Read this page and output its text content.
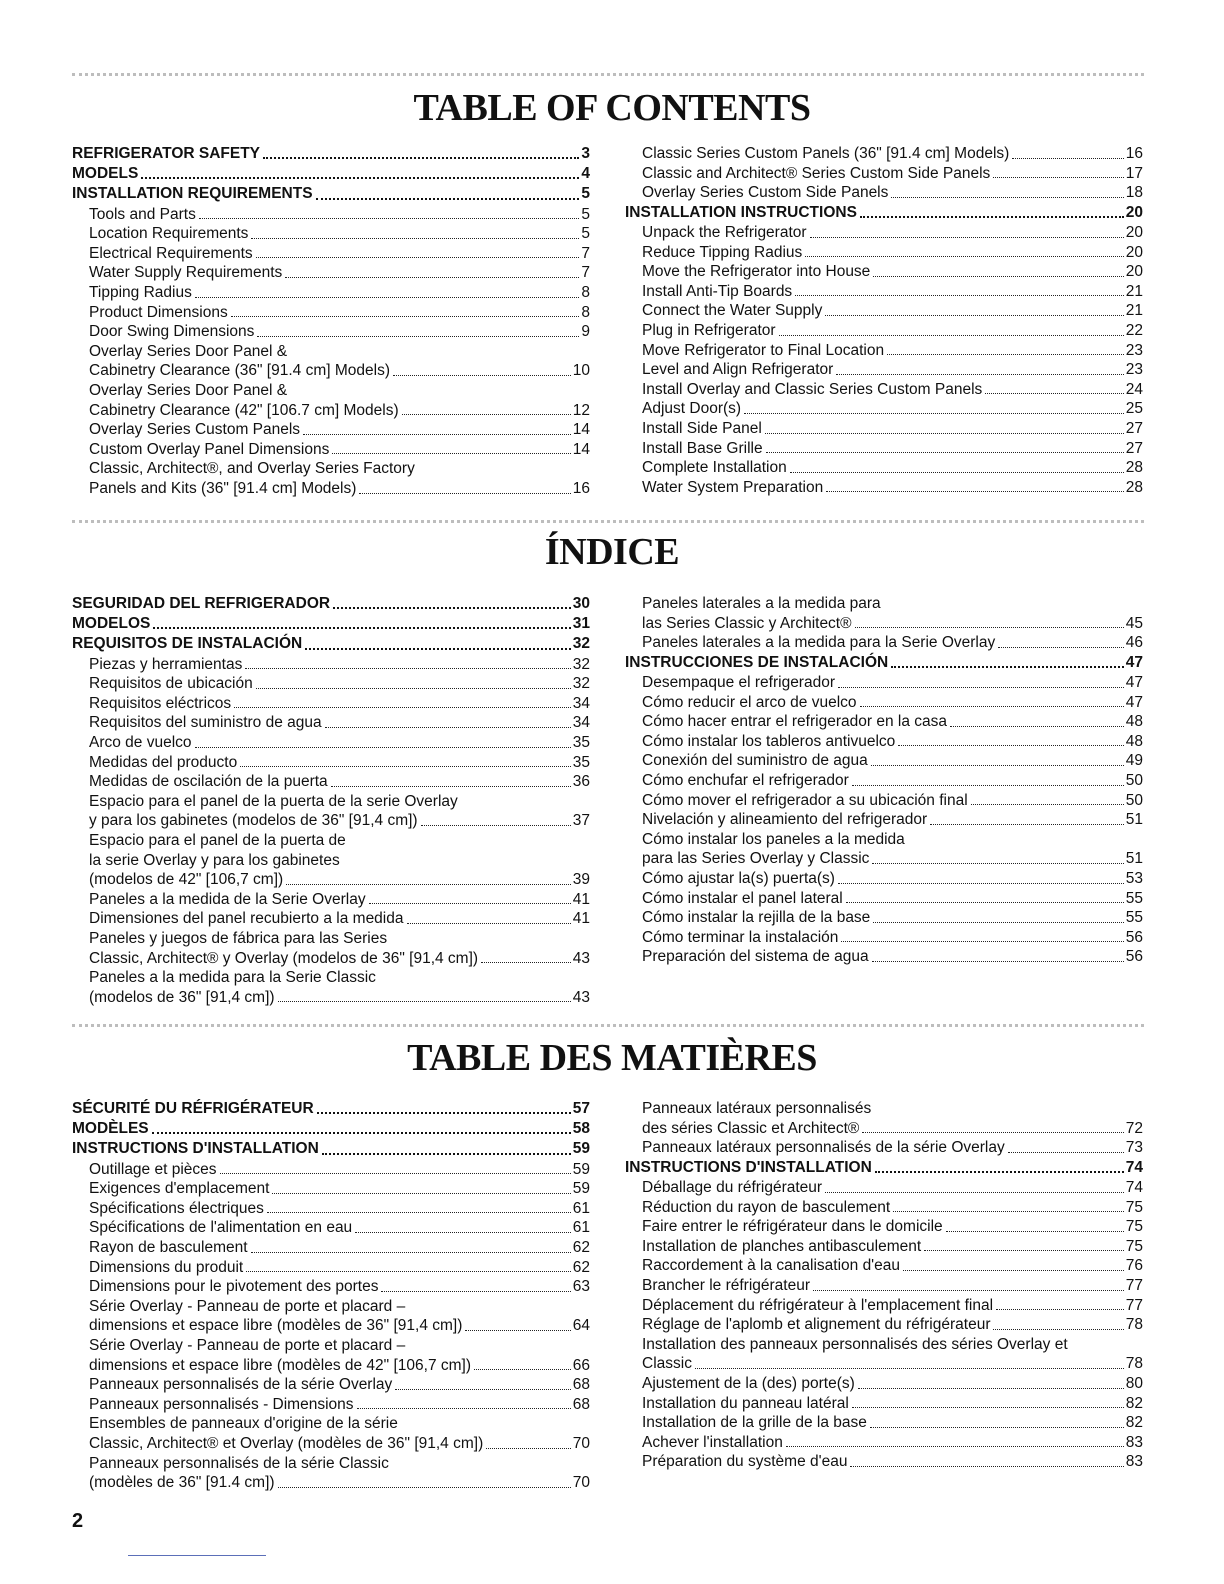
TABLE OF CONTENTS
REFRIGERATOR SAFETY	3
MODELS	4
INSTALLATION REQUIREMENTS	5
Tools and Parts	5
Location Requirements	5
Electrical Requirements	7
Water Supply Requirements	7
Tipping Radius	8
Product Dimensions	8
Door Swing Dimensions	9
Overlay Series Door Panel &
Cabinetry Clearance (36" [91.4 cm] Models)	10
Overlay Series Door Panel &
Cabinetry Clearance (42" [106.7 cm] Models)	12
Overlay Series Custom Panels	14
Custom Overlay Panel Dimensions	14
Classic, Architect®, and Overlay Series Factory
Panels and Kits (36" [91.4 cm] Models)	16
Classic Series Custom Panels (36" [91.4 cm] Models)	16
Classic and Architect® Series Custom Side Panels	17
Overlay Series Custom Side Panels	18
INSTALLATION INSTRUCTIONS	20
Unpack the Refrigerator	20
Reduce Tipping Radius	20
Move the Refrigerator into House	20
Install Anti-Tip Boards	21
Connect the Water Supply	21
Plug in Refrigerator	22
Move Refrigerator to Final Location	23
Level and Align Refrigerator	23
Install Overlay and Classic Series Custom Panels	24
Adjust Door(s)	25
Install Side Panel	27
Install Base Grille	27
Complete Installation	28
Water System Preparation	28
ÍNDICE
SEGURIDAD DEL REFRIGERADOR	30
MODELOS	31
REQUISITOS DE INSTALACIÓN	32
Piezas y herramientas	32
Requisitos de ubicación	32
Requisitos eléctricos	34
Requisitos del suministro de agua	34
Arco de vuelco	35
Medidas del producto	35
Medidas de oscilación de la puerta	36
Espacio para el panel de la puerta de la serie Overlay
y para los gabinetes (modelos de 36" [91,4 cm])	37
Espacio para el panel de la puerta de
la serie Overlay y para los gabinetes
(modelos de 42" [106,7 cm])	39
Paneles a la medida de la Serie Overlay	41
Dimensiones del panel recubierto a la medida	41
Paneles y juegos de fábrica para las Series
Classic, Architect® y Overlay (modelos de 36" [91,4 cm])	43
Paneles a la medida para la Serie Classic
(modelos de 36" [91,4 cm])	43
Paneles laterales a la medida para
las Series Classic y Architect®	45
Paneles laterales a la medida para la Serie Overlay	46
INSTRUCCIONES DE INSTALACIÓN	47
Desempaque el refrigerador	47
Cómo reducir el arco de vuelco	47
Cómo hacer entrar el refrigerador en la casa	48
Cómo instalar los tableros antivuelco	48
Conexión del suministro de agua	49
Cómo enchufar el refrigerador	50
Cómo mover el refrigerador a su ubicación final	50
Nivelación y alineamiento del refrigerador	51
Cómo instalar los paneles a la medida
para las Series Overlay y Classic	51
Cómo ajustar la(s) puerta(s)	53
Cómo instalar el panel lateral	55
Cómo instalar la rejilla de la base	55
Cómo terminar la instalación	56
Preparación del sistema de agua	56
TABLE DES MATIÈRES
SÉCURITÉ DU RÉFRIGÉRATEUR	57
MODÈLES	58
INSTRUCTIONS D'INSTALLATION	59
Outillage et pièces	59
Exigences d'emplacement	59
Spécifications électriques	61
Spécifications de l'alimentation en eau	61
Rayon de basculement	62
Dimensions du produit	62
Dimensions pour le pivotement des portes	63
Série Overlay - Panneau de porte et placard –
dimensions et espace libre (modèles de 36" [91,4 cm])	64
Série Overlay - Panneau de porte et placard –
dimensions et espace libre (modèles de 42" [106,7 cm])	66
Panneaux personnalisés de la série Overlay	68
Panneaux personnalisés - Dimensions	68
Ensembles de panneaux d'origine de la série
Classic, Architect® et Overlay (modèles de 36" [91,4 cm])	70
Panneaux personnalisés de la série Classic
(modèles de 36" [91.4 cm])	70
Panneaux latéraux personnalisés
des séries Classic et Architect®	72
Panneaux latéraux personnalisés de la série Overlay	73
INSTRUCTIONS D'INSTALLATION	74
Déballage du réfrigérateur	74
Réduction du rayon de basculement	75
Faire entrer le réfrigérateur dans le domicile	75
Installation de planches antibasculement	75
Raccordement à la canalisation d'eau	76
Brancher le réfrigérateur	77
Déplacement du réfrigérateur à l'emplacement final	77
Réglage de l'aplomb et alignement du réfrigérateur	78
Installation des panneaux personnalisés des séries Overlay et
Classic	78
Ajustement de la (des) porte(s)	80
Installation du panneau latéral	82
Installation de la grille de la base	82
Achever l'installation	83
Préparation du système d'eau	83
2
